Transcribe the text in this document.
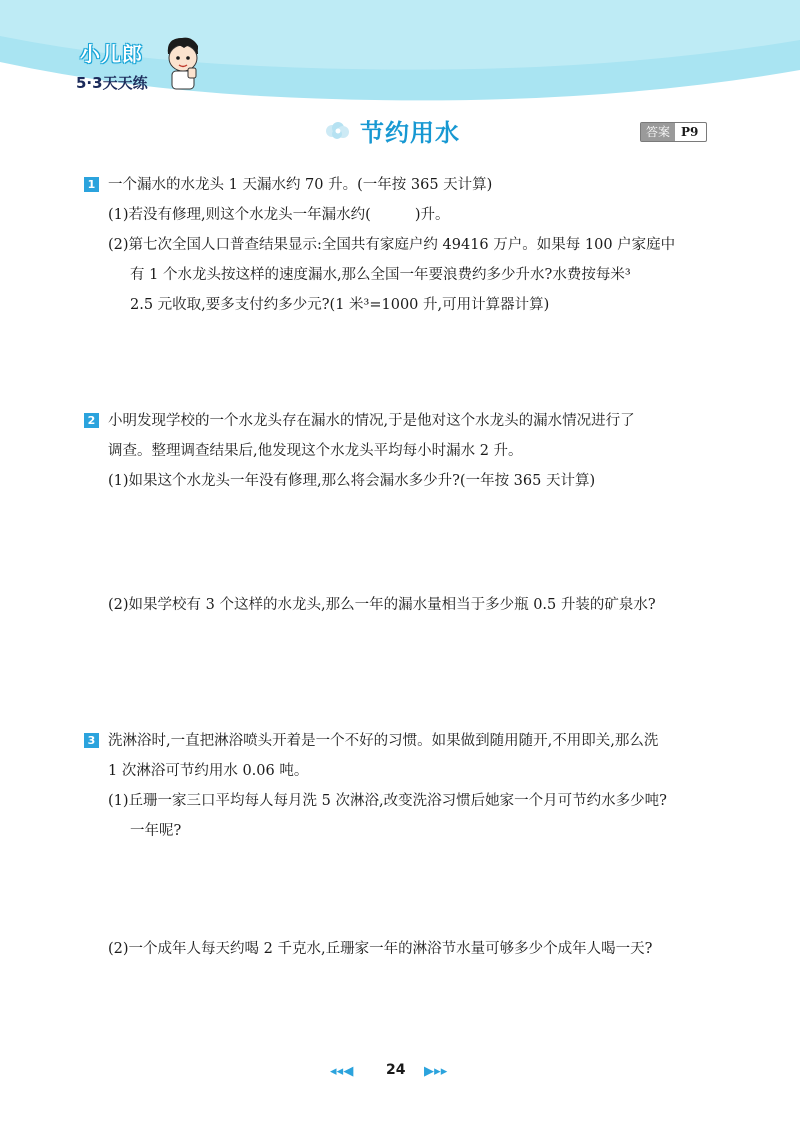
小儿郎
5·3天天练
节约用水	答案 P9
1 一个漏水的水龙头 1 天漏水约 70 升。(一年按 365 天计算)
(1)若没有修理,则这个水龙头一年漏水约(	)升。
(2)第七次全国人口普查结果显示:全国共有家庭户约 49416 万户。如果每 100 户家庭中
有 1 个水龙头按这样的速度漏水,那么全国一年要浪费约多少升水?水费按每米³
2.5 元收取,要多支付约多少元?(1 米³=1000 升,可用计算器计算)
2 小明发现学校的一个水龙头存在漏水的情况,于是他对这个水龙头的漏水情况进行了
调查。整理调查结果后,他发现这个水龙头平均每小时漏水 2 升。
(1)如果这个水龙头一年没有修理,那么将会漏水多少升?(一年按 365 天计算)
(2)如果学校有 3 个这样的水龙头,那么一年的漏水量相当于多少瓶 0.5 升装的矿泉水?
3 洗淋浴时,一直把淋浴喷头开着是一个不好的习惯。如果做到随用随开,不用即关,那么洗
1 次淋浴可节约用水 0.06 吨。
(1)丘珊一家三口平均每人每月洗 5 次淋浴,改变洗浴习惯后她家一个月可节约水多少吨?
一年呢?
(2)一个成年人每天约喝 2 千克水,丘珊家一年的淋浴节水量可够多少个成年人喝一天?
◂ ◂ ◀ 24 ▶ ▸ ▸
